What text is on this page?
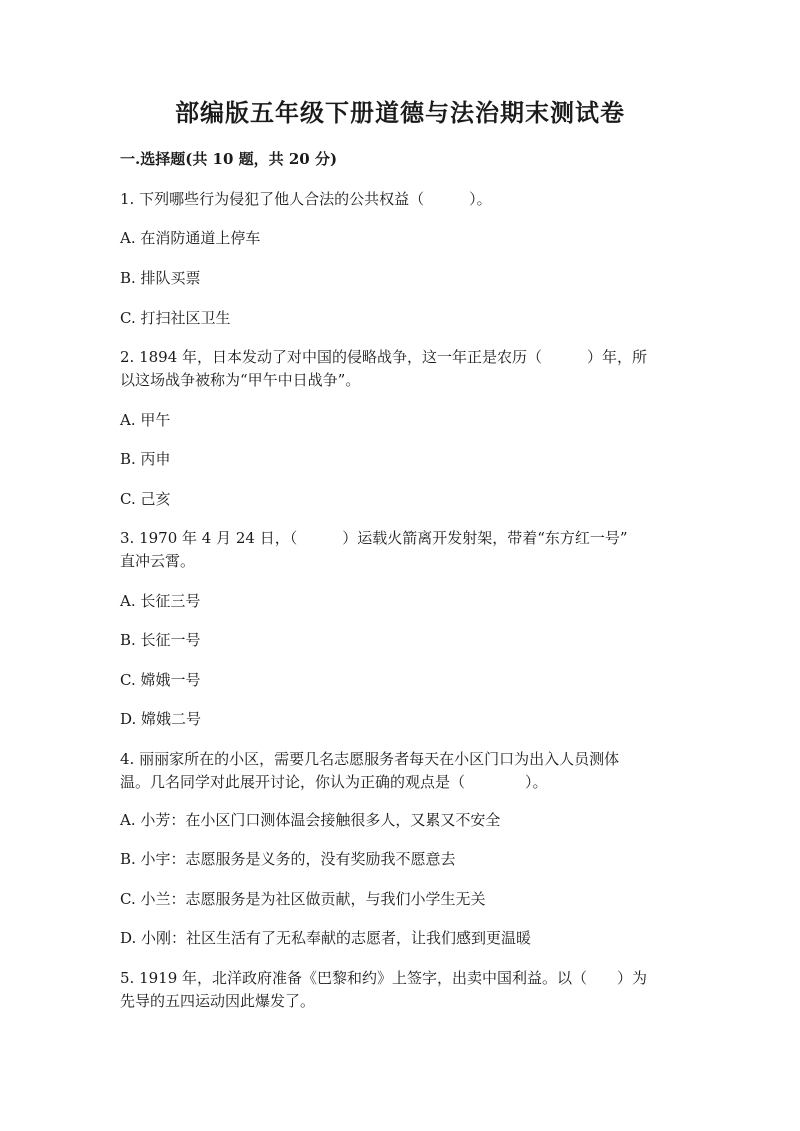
部编版五年级下册道德与法治期末测试卷
一.选择题(共 10 题，共 20 分)
1. 下列哪些行为侵犯了他人合法的公共权益（　　　）。
A. 在消防通道上停车
B. 排队买票
C. 打扫社区卫生
2. 1894 年，日本发动了对中国的侵略战争，这一年正是农历（　　　）年，所
以这场战争被称为“甲午中日战争”。
A. 甲午
B. 丙申
C. 己亥
3. 1970 年 4 月 24 日，（　　　）运载火箭离开发射架，带着“东方红一号”
直冲云霄。
A. 长征三号
B. 长征一号
C. 嫦娥一号
D. 嫦娥二号
4. 丽丽家所在的小区，需要几名志愿服务者每天在小区门口为出入人员测体
温。几名同学对此展开讨论，你认为正确的观点是（　　　　）。
A. 小芳：在小区门口测体温会接触很多人，又累又不安全
B. 小宇：志愿服务是义务的，没有奖励我不愿意去
C. 小兰：志愿服务是为社区做贡献，与我们小学生无关
D. 小刚：社区生活有了无私奉献的志愿者，让我们感到更温暖
5. 1919 年，北洋政府准备《巴黎和约》上签字，出卖中国利益。以（　　）为
先导的五四运动因此爆发了。
